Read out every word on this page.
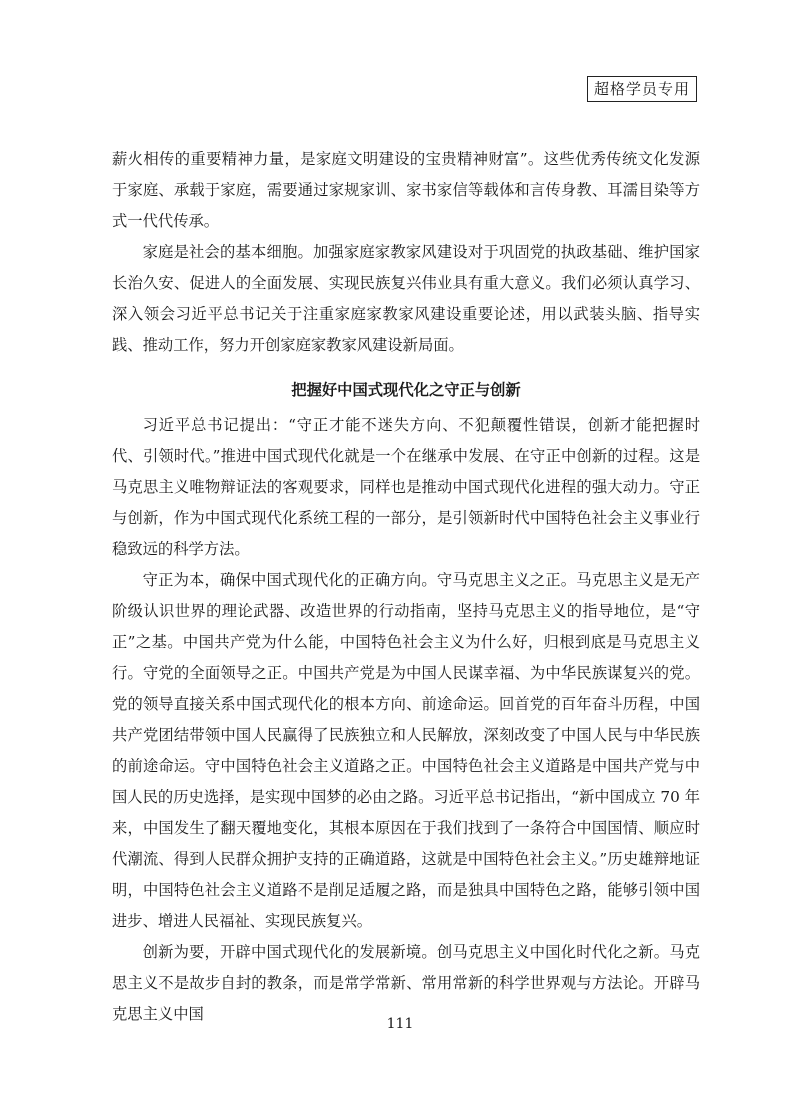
超格学员专用

薪火相传的重要精神力量，是家庭文明建设的宝贵精神财富”。这些优秀传统文化发源于家庭、承载于家庭，需要通过家规家训、家书家信等载体和言传身教、耳濡目染等方式一代代传承。

家庭是社会的基本细胞。加强家庭家教家风建设对于巩固党的执政基础、维护国家长治久安、促进人的全面发展、实现民族复兴伟业具有重大意义。我们必须认真学习、深入领会习近平总书记关于注重家庭家教家风建设重要论述，用以武装头脑、指导实践、推动工作，努力开创家庭家教家风建设新局面。

把握好中国式现代化之守正与创新

习近平总书记提出：“守正才能不迷失方向、不犯颠覆性错误，创新才能把握时代、引领时代。”推进中国式现代化就是一个在继承中发展、在守正中创新的过程。这是马克思主义唯物辩证法的客观要求，同样也是推动中国式现代化进程的强大动力。守正与创新，作为中国式现代化系统工程的一部分，是引领新时代中国特色社会主义事业行稳致远的科学方法。

守正为本，确保中国式现代化的正确方向。守马克思主义之正。马克思主义是无产阶级认识世界的理论武器、改造世界的行动指南，坚持马克思主义的指导地位，是“守正”之基。中国共产党为什么能，中国特色社会主义为什么好，归根到底是马克思主义行。守党的全面领导之正。中国共产党是为中国人民谋幸福、为中华民族谋复兴的党。党的领导直接关系中国式现代化的根本方向、前途命运。回首党的百年奋斗历程，中国共产党团结带领中国人民赢得了民族独立和人民解放，深刻改变了中国人民与中华民族的前途命运。守中国特色社会主义道路之正。中国特色社会主义道路是中国共产党与中国人民的历史选择，是实现中国梦的必由之路。习近平总书记指出，“新中国成立 70 年来，中国发生了翻天覆地变化，其根本原因在于我们找到了一条符合中国国情、顺应时代潮流、得到人民群众拥护支持的正确道路，这就是中国特色社会主义。”历史雄辩地证明，中国特色社会主义道路不是削足适履之路，而是独具中国特色之路，能够引领中国进步、增进人民福祉、实现民族复兴。

创新为要，开辟中国式现代化的发展新境。创马克思主义中国化时代化之新。马克思主义不是故步自封的教条，而是常学常新、常用常新的科学世界观与方法论。开辟马克思主义中国

111
